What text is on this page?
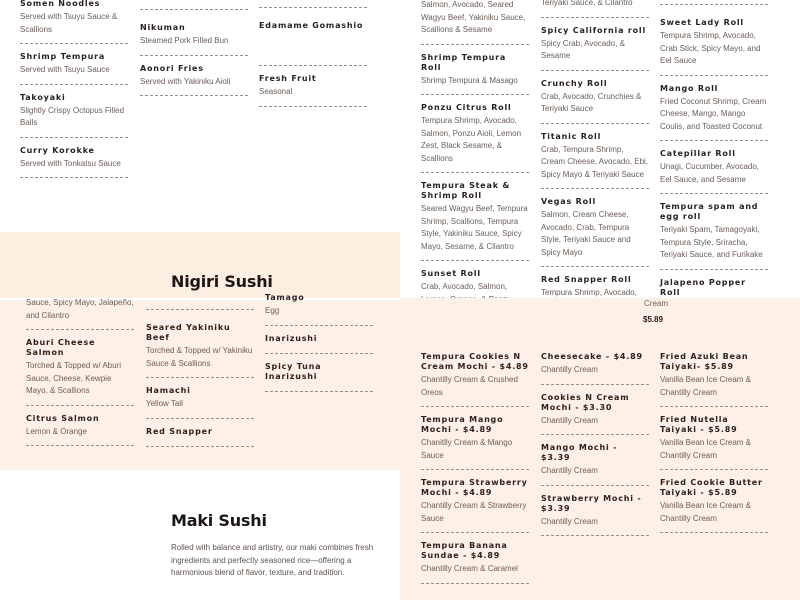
Somen Noodles
Served with Tsuyu Sauce & Scallions
Shrimp Tempura
Served with Tsuyu Sauce
Takoyaki
Slightly Crispy Octopus Filled Balls
Curry Korokke
Served with Tonkatsu Sauce
Nikuman
Steamed Pork Filled Bun
Aonori Fries
Served with Yakiniku Aioli
Edamame Gomashio
Fresh Fruit
Seasonal
Nigiri Sushi
Sauce, Spicy Mayo, Jalapeño, and Cilantro
Aburi Cheese Salmon
Torched & Topped w/ Aburi Sauce, Cheese, Kewpie Mayo, & Scallions
Citrus Salmon
Lemon & Orange
Seared Yakiniku Beef
Torched & Topped w/ Yakiniku Sauce & Scallions
Hamachi
Yellow Tail
Red Snapper
Tamago
Egg
Inarizushi
Spicy Tuna Inarizushi
Maki Sushi
Rolled with balance and artistry, our maki combines fresh ingredients and perfectly seasoned rice—offering a harmonious blend of flavor, texture, and tradition.
Salmon, Avocado, Seared Wagyu Beef, Yakiniku Sauce, Scallions & Sesame
Shrimp Tempura Roll
Shrimp Tempura & Masago
Ponzu Citrus Roll
Tempura Shrimp, Avocado, Salmon, Ponzu Aioli, Lemon Zest, Black Sesame, & Scallions
Tempura Steak & Shrimp Roll
Seared Wagyu Beef, Tempura Shrimp, Scallions, Tempura Style, Yakiniku Sauce, Spicy Mayo, Sesame, & Cilantro
Sunset Roll
Crab, Avocado, Salmon,
Teriyaki Sauce, & Cilantro
Spicy California roll
Spicy Crab, Avocado, & Sesame
Crunchy Roll
Crab, Avocado, Crunchies & Teriyaki Sauce
Titanic Roll
Crab, Tempura Shrimp, Cream Cheese, Avocado, Ebi, Spicy Mayo & Teriyaki Sauce
Vegas Roll
Salmon, Cream Cheese, Avocado, Crab, Tempura Style, Teriyaki Sauce and Spicy Mayo
Red Snapper Roll
Tempura Shrimp, Avocado,
Sweet Lady Roll
Tempura Shrimp, Avocado, Crab Stick, Spicy Mayo, and Eel Sauce
Mango Roll
Fried Coconut Shrimp, Cream Cheese, Mango, Mango Coulis, and Toasted Coconut
Catepillar Roll
Unagi, Cucumber, Avocado, Eel Sauce, and Sesame
Tempura spam and egg roll
Teriyaki Spam, Tamagoyaki, Tempura Style, Sriracha, Teriyaki Sauce, and Furikake
Jalapeno Popper Roll
Cream
$5.89
Tempura Cookies N Cream Mochi - $4.89
Chantilly Cream & Crushed Oreos
Tempura Mango Mochi - $4.89
Chanitlly Cream & Mango Sauce
Tempura Strawberry Mochi - $4.89
Chantilly Cream & Strawberry Sauce
Tempura Banana Sundae - $4.89
Chantilly Cream & Caramel
Cheesecake - $4.89
Chantilly Cream
Cookies N Cream Mochi - $3.30
Chantilly Cream
Mango Mochi - $3.39
Chantilly Cream
Strawberry Mochi - $3.39
Chantilly Cream
Fried Azuki Bean Taiyaki- $5.89
Vanilla Bean Ice Cream & Chantilly Cream
Fried Nutella Taiyaki - $5.89
Vanilla Bean Ice Cream & Chantilly Cream
Fried Cookie Butter Taiyaki - $5.89
Vanilla Bean Ice Cream & Chantilly Cream
